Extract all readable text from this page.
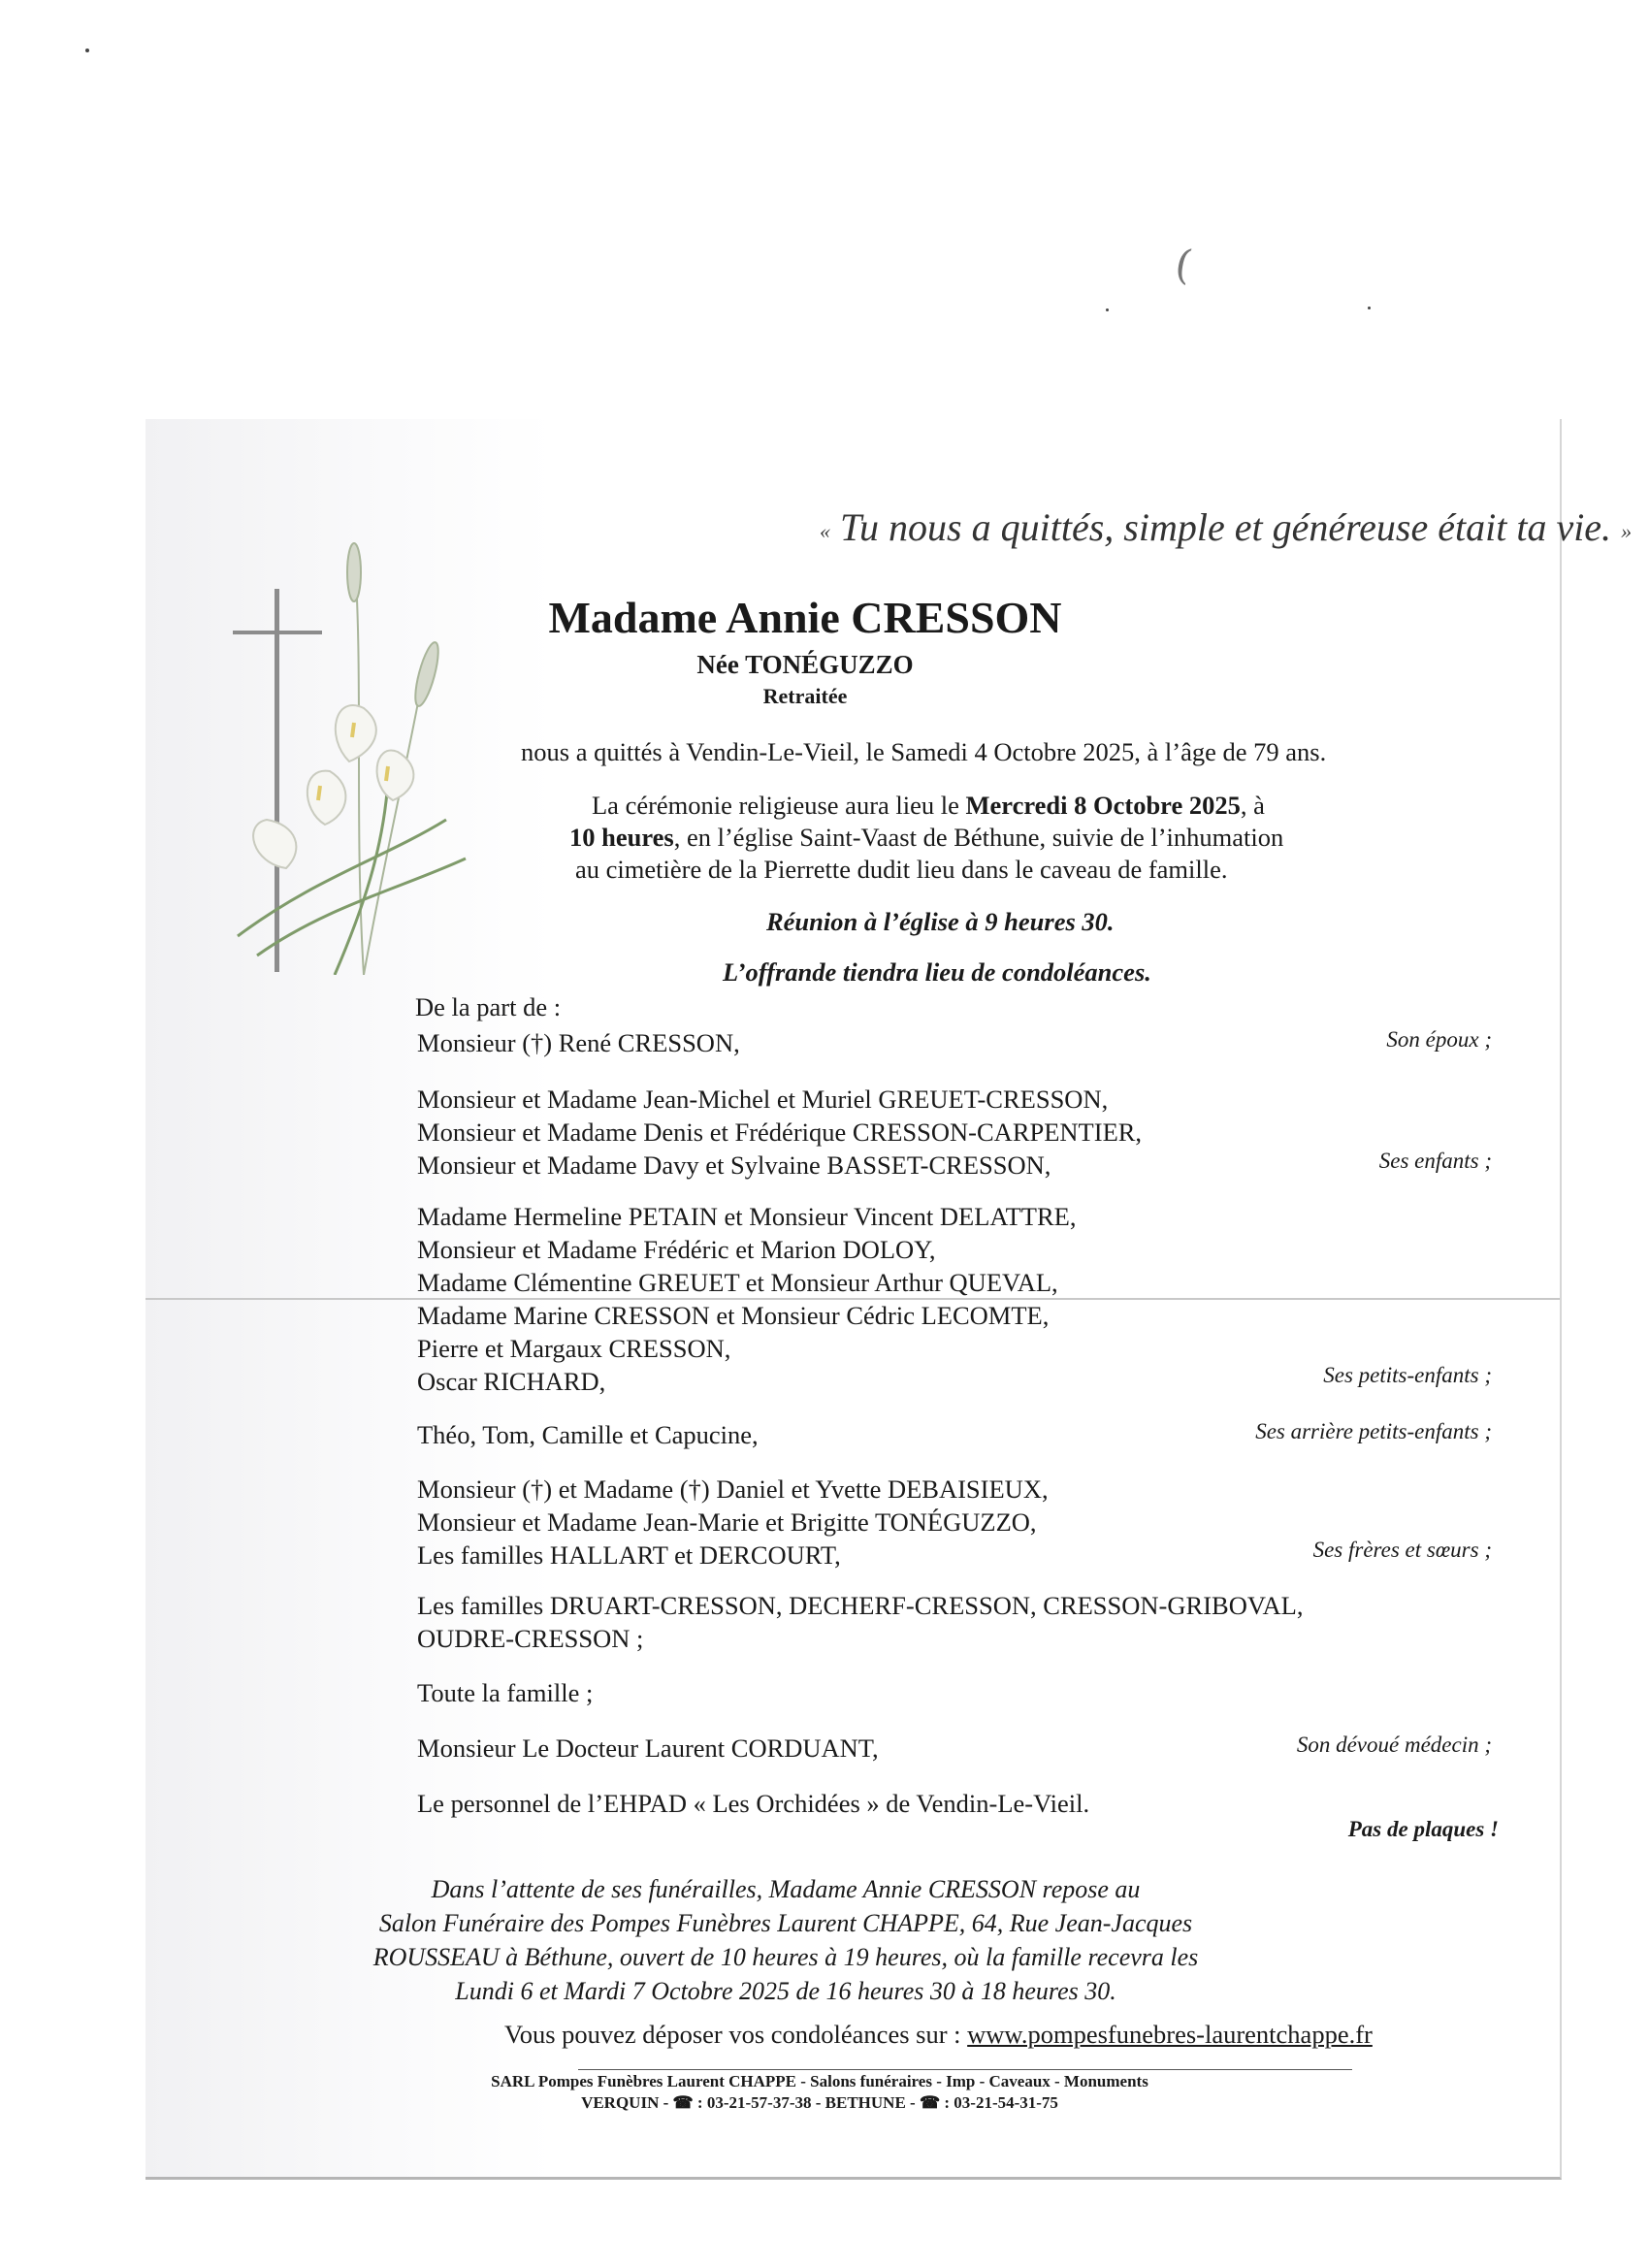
(
« Tu nous a quittés, simple et généreuse était ta vie. »
Madame Annie CRESSON
Née TONÉGUZZO
Retraitée
nous a quittés à Vendin-Le-Vieil, le Samedi 4 Octobre 2025, à l’âge de 79 ans.
La cérémonie religieuse aura lieu le Mercredi 8 Octobre 2025, à
10 heures, en l’église Saint-Vaast de Béthune, suivie de l’inhumation
au cimetière de la Pierrette dudit lieu dans le caveau de famille.
Réunion à l’église à 9 heures 30.
L’offrande tiendra lieu de condoléances.
De la part de :
Monsieur (†) René CRESSON,	Son époux ;
Monsieur et Madame Jean-Michel et Muriel GREUET-CRESSON,
Monsieur et Madame Denis et Frédérique CRESSON-CARPENTIER,
Monsieur et Madame Davy et Sylvaine BASSET-CRESSON,	Ses enfants ;
Madame Hermeline PETAIN et Monsieur Vincent DELATTRE,
Monsieur et Madame Frédéric et Marion DOLOY,
Madame Clémentine GREUET et Monsieur Arthur QUEVAL,
Madame Marine CRESSON et Monsieur Cédric LECOMTE,
Pierre et Margaux CRESSON,
Oscar RICHARD,	Ses petits-enfants ;
Théo, Tom, Camille et Capucine,	Ses arrière petits-enfants ;
Monsieur (†) et Madame (†) Daniel et Yvette DEBAISIEUX,
Monsieur et Madame Jean-Marie et Brigitte TONÉGUZZO,
Les familles HALLART et DERCOURT,	Ses frères et sœurs ;
Les familles DRUART-CRESSON, DECHERF-CRESSON, CRESSON-GRIBOVAL,
OUDRE-CRESSON ;
Toute la famille ;
Monsieur Le Docteur Laurent CORDUANT,	Son dévoué médecin ;
Le personnel de l’EHPAD « Les Orchidées » de Vendin-Le-Vieil.
Pas de plaques !
Dans l’attente de ses funérailles, Madame Annie CRESSON repose au
Salon Funéraire des Pompes Funèbres Laurent CHAPPE, 64, Rue Jean-Jacques
ROUSSEAU à Béthune, ouvert de 10 heures à 19 heures, où la famille recevra les
Lundi 6 et Mardi 7 Octobre 2025 de 16 heures 30 à 18 heures 30.
Vous pouvez déposer vos condoléances sur : www.pompesfunebres-laurentchappe.fr
SARL Pompes Funèbres Laurent CHAPPE - Salons funéraires - Imp - Caveaux - Monuments
VERQUIN - ☎ : 03-21-57-37-38 - BETHUNE - ☎ : 03-21-54-31-75
